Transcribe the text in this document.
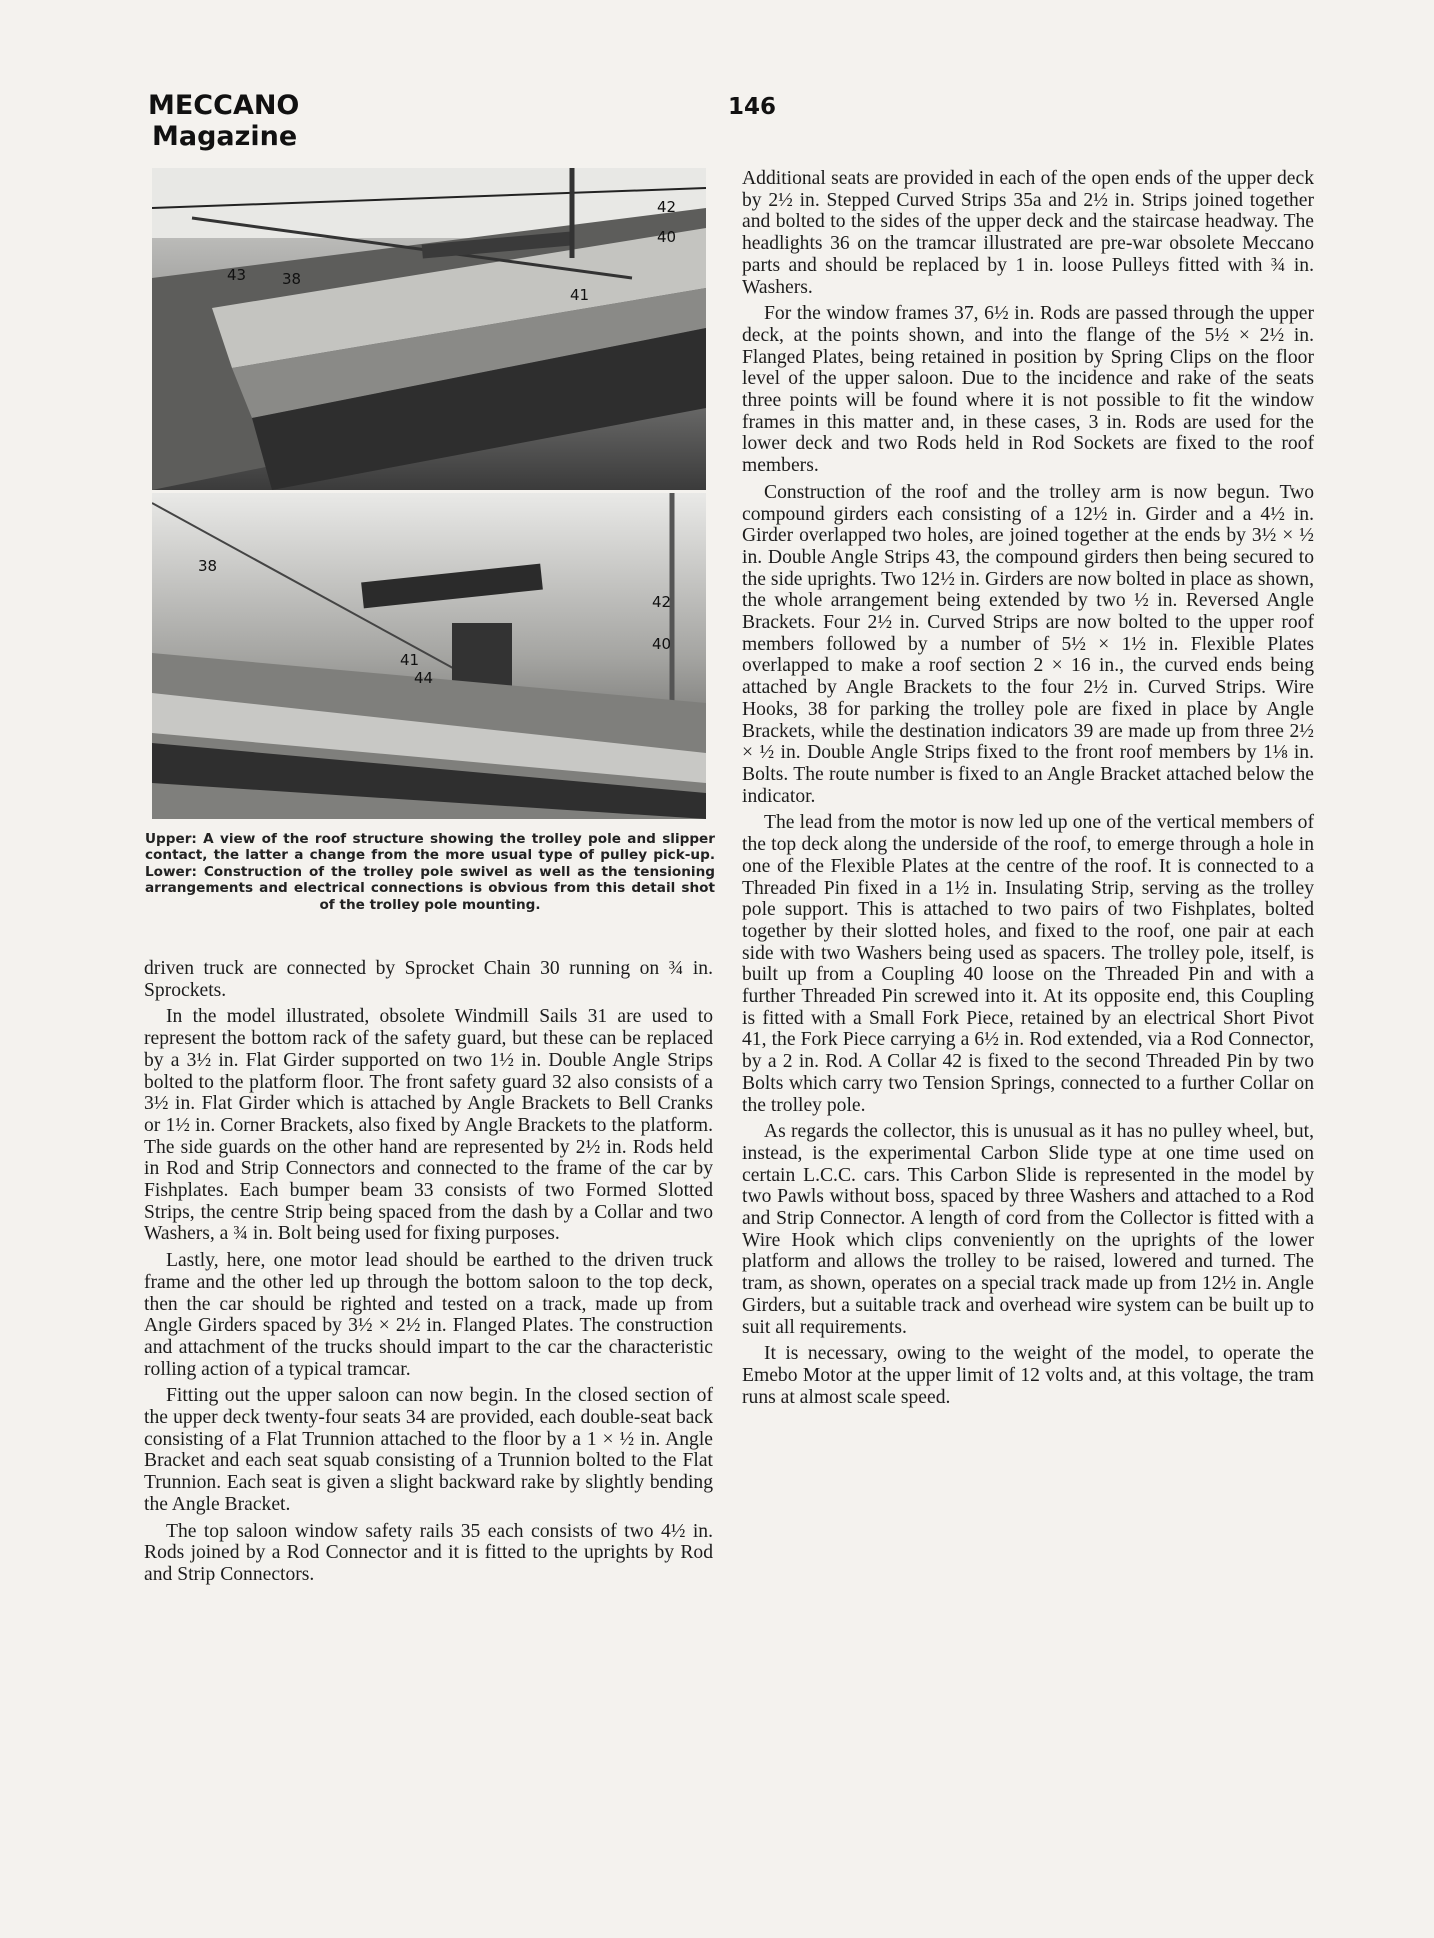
MECCANO
Magazine
146
42
40
43 38
41
38
42
40
41
44
Upper: A view of the roof structure showing the trolley pole and slipper contact, the latter a change from the more usual type of pulley pick-up. Lower: Construction of the trolley pole swivel as well as the tensioning arrangements and electrical connections is obvious from this detail shot of the trolley pole mounting.

driven truck are connected by Sprocket Chain 30 running on ¾ in. Sprockets.

In the model illustrated, obsolete Windmill Sails 31 are used to represent the bottom rack of the safety guard, but these can be replaced by a 3½ in. Flat Girder supported on two 1½ in. Double Angle Strips bolted to the platform floor. The front safety guard 32 also consists of a 3½ in. Flat Girder which is attached by Angle Brackets to Bell Cranks or 1½ in. Corner Brackets, also fixed by Angle Brackets to the platform. The side guards on the other hand are represented by 2½ in. Rods held in Rod and Strip Connectors and connected to the frame of the car by Fishplates. Each bumper beam 33 consists of two Formed Slotted Strips, the centre Strip being spaced from the dash by a Collar and two Washers, a ¾ in. Bolt being used for fixing purposes.

Lastly, here, one motor lead should be earthed to the driven truck frame and the other led up through the bottom saloon to the top deck, then the car should be righted and tested on a track, made up from Angle Girders spaced by 3½ × 2½ in. Flanged Plates. The construction and attachment of the trucks should impart to the car the characteristic rolling action of a typical tramcar.

Fitting out the upper saloon can now begin. In the closed section of the upper deck twenty-four seats 34 are provided, each double-seat back consisting of a Flat Trunnion attached to the floor by a 1 × ½ in. Angle Bracket and each seat squab consisting of a Trunnion bolted to the Flat Trunnion. Each seat is given a slight backward rake by slightly bending the Angle Bracket.

The top saloon window safety rails 35 each consists of two 4½ in. Rods joined by a Rod Connector and it is fitted to the uprights by Rod and Strip Connectors.

Additional seats are provided in each of the open ends of the upper deck by 2½ in. Stepped Curved Strips 35a and 2½ in. Strips joined together and bolted to the sides of the upper deck and the staircase headway. The headlights 36 on the tramcar illustrated are pre-war obsolete Meccano parts and should be replaced by 1 in. loose Pulleys fitted with ¾ in. Washers.

For the window frames 37, 6½ in. Rods are passed through the upper deck, at the points shown, and into the flange of the 5½ × 2½ in. Flanged Plates, being retained in position by Spring Clips on the floor level of the upper saloon. Due to the incidence and rake of the seats three points will be found where it is not possible to fit the window frames in this matter and, in these cases, 3 in. Rods are used for the lower deck and two Rods held in Rod Sockets are fixed to the roof members.

Construction of the roof and the trolley arm is now begun. Two compound girders each consisting of a 12½ in. Girder and a 4½ in. Girder overlapped two holes, are joined together at the ends by 3½ × ½ in. Double Angle Strips 43, the compound girders then being secured to the side uprights. Two 12½ in. Girders are now bolted in place as shown, the whole arrangement being extended by two ½ in. Reversed Angle Brackets. Four 2½ in. Curved Strips are now bolted to the upper roof members followed by a number of 5½ × 1½ in. Flexible Plates overlapped to make a roof section 2 × 16 in., the curved ends being attached by Angle Brackets to the four 2½ in. Curved Strips. Wire Hooks, 38 for parking the trolley pole are fixed in place by Angle Brackets, while the destination indicators 39 are made up from three 2½ × ½ in. Double Angle Strips fixed to the front roof members by 1⅛ in. Bolts. The route number is fixed to an Angle Bracket attached below the indicator.

The lead from the motor is now led up one of the vertical members of the top deck along the underside of the roof, to emerge through a hole in one of the Flexible Plates at the centre of the roof. It is connected to a Threaded Pin fixed in a 1½ in. Insulating Strip, serving as the trolley pole support. This is attached to two pairs of two Fishplates, bolted together by their slotted holes, and fixed to the roof, one pair at each side with two Washers being used as spacers. The trolley pole, itself, is built up from a Coupling 40 loose on the Threaded Pin and with a further Threaded Pin screwed into it. At its opposite end, this Coupling is fitted with a Small Fork Piece, retained by an electrical Short Pivot 41, the Fork Piece carrying a 6½ in. Rod extended, via a Rod Connector, by a 2 in. Rod. A Collar 42 is fixed to the second Threaded Pin by two Bolts which carry two Tension Springs, connected to a further Collar on the trolley pole.

As regards the collector, this is unusual as it has no pulley wheel, but, instead, is the experimental Carbon Slide type at one time used on certain L.C.C. cars. This Carbon Slide is represented in the model by two Pawls without boss, spaced by three Washers and attached to a Rod and Strip Connector. A length of cord from the Collector is fitted with a Wire Hook which clips conveniently on the uprights of the lower platform and allows the trolley to be raised, lowered and turned. The tram, as shown, operates on a special track made up from 12½ in. Angle Girders, but a suitable track and overhead wire system can be built up to suit all requirements.

It is necessary, owing to the weight of the model, to operate the Emebo Motor at the upper limit of 12 volts and, at this voltage, the tram runs at almost scale speed.
